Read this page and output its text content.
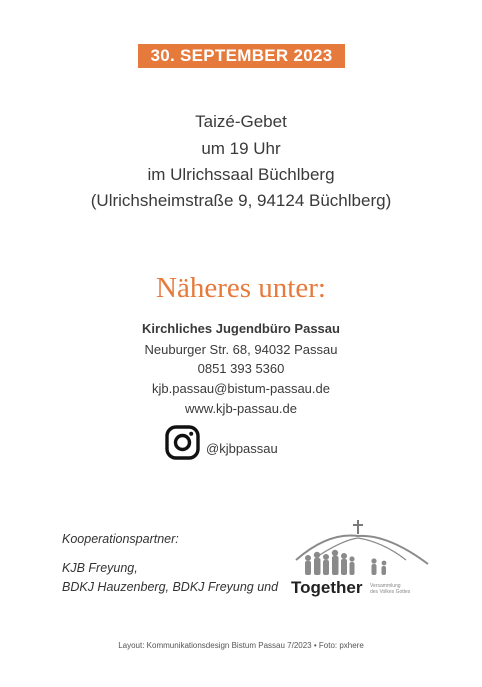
30. SEPTEMBER 2023
Taizé-Gebet
um 19 Uhr
im Ulrichssaal Büchlberg
(Ulrichsheimstraße 9, 94124 Büchlberg)
Näheres unter:
Kirchliches Jugendbüro Passau
Neuburger Str. 68, 94032 Passau
0851 393 5360
kjb.passau@bistum-passau.de
www.kjb-passau.de
@kjbpassau
Kooperationspartner:
KJB Freyung,
BDKJ Hauzenberg, BDKJ Freyung und Together Versammlung
des Volkes Gottes
Layout: Kommunikationsdesign Bistum Passau 7/2023 • Foto: pxhere
